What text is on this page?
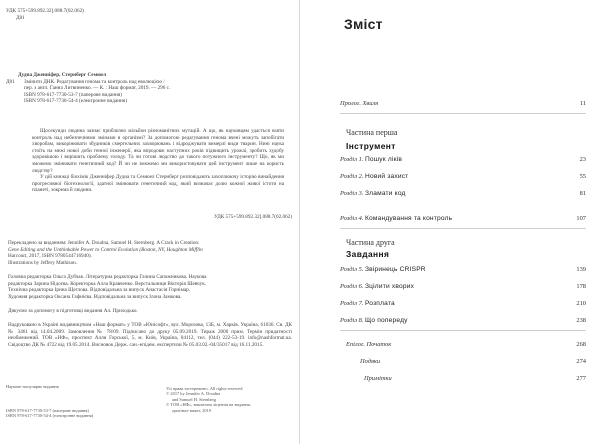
УДК 575+599.892.32].088.7(02.062)
Д81
Дудна Дженніфер, Стернберг Семюел
Д81 Змінити ДНК. Редагування генома та контроль над еволюцією /
пер. з англ. Ганна Литвиненко. — К. : Наш формат, 2019. — 296 с.
ISBN 978-617-7730-53-7 (паперове видання)
ISBN 978-617-7730-54-4 (електронне видання)

Щосекунди людина зазнає приблизно мільйон різноманітних мутацій. А що, як науковцям удасться взяти контроль над небезпечними змінами в організмі? За допомогою редагування генома вчені можуть запобігати хворобам, викорінювати збудників смертельних захворювань і відроджувати вимерлі види тварин. Нині наука стоїть на межі нової доби генної інженерії, яка впродовж наступних років підвищить урожаї, зробить худобу здоровішою і вирішить проблему голоду. Та чи готові людство до такого потужного інструменту? Що, як ми зможемо змінювати генетичний код? Й чи не зможемо ми використовувати цей інструмент лише на користь людству?

У цій книжці біохімік Дженніфер Дудна та Семюел Стернберг розповідають захоплюючу історію винайдення прогресивної біотехнології, здатної змінювати генетичний код, який визначає долю кожної живої істоти на планеті, зокрема й людини.

УДК 575+599.892.32].088.7(02.062)
Перекладено за виданням: Jennifer A. Doudna, Samuel H. Sternberg. A Crack in Creation:
Gene Editing and the Unthinkable Power to Control Evolution (Boston, NY, Houghton Mifflin
Harcourt, 2017, ISBN 9780544716940).
Illustrations by Jeffery Mathison.
Головна редакторка Ольга Дубчак. Літературна редакторка Галина Сапожникова. Наукова
редакторка Зарина Нідоєва. Коректорка Алла Кравченко. Верстальниця Вікторія Шевчук.
Технічна редакторка Ірина Щеглова. Відповідальна за випуск Анастасія Горнімар.
Художня редакторка Оксана Гафнієва. Відповідальна за випуск Ілона Замкова.
Дякуємо за допомогу в підготовці видання Ал. Приходько.
Надруковано в Україні видавництвом «Наш формат» у ТОВ «Юнісофт», вул. Морозова, 13Б, м. Харків. Україна, 61036. Св. ДК № 3461 від 14.04.2009. Замовлення № 78/09. Підписано до друку 05.09.2019. Тираж 2000 прим. Термін придатності необмежений. ТОВ «НФ», проспект Алли Горської, 5, м. Київ, Україна, 04112, тел. (044) 222-53-19. info@nashformat.ua. Свідоцтво ДК № 4722 від 19.05.2014. Висновок Держ. сан.-епідем. експертизи № 05.03.02.-04/35017 від 16.11.2015.
Наукове-популярне видання
ISBN 978-617-7730-53-7 (паперове видання)
ISBN 978-617-7730-54-4 (електронне видання)
Усі права застережено. All rights reserved
© 2017 by Jennifer A. Doudna
and Samuel H. Sternberg
© ТОВ «НФ», виключна ліцензія на видання,
оригінал-макет, 2019
Зміст
Пролог. Хвиля	11
Частина перша
Інструмент
Розділ 1. Пошук ліків	23
Розділ 2. Новий захист	55
Розділ 3. Зламати код	81
Розділ 4. Командування та контроль	107
Частина друга
Завдання
Розділ 5. Звіринець CRISPR	139
Розділ 6. Зцілити хворих	178
Розділ 7. Розплата	210
Розділ 8. Що попереду	238
Епілог. Початок	268
Подяки	274
Примітки	277
